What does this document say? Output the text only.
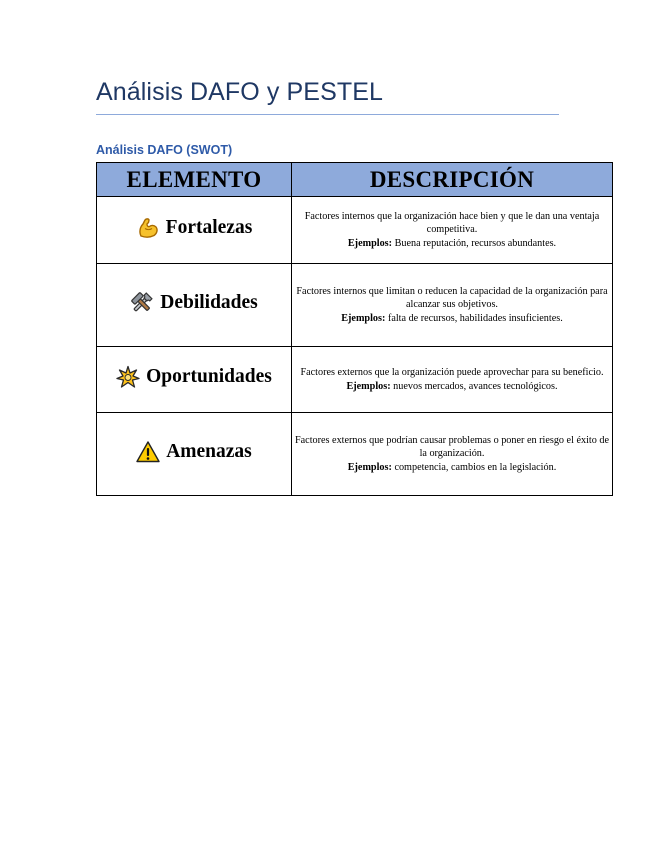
Análisis DAFO y PESTEL
Análisis DAFO (SWOT)
ELEMENTO	DESCRIPCIÓN

Fortalezas	Factores internos que la organización hace bien y que le dan una ventaja competitiva.
Ejemplos: Buena reputación, recursos abundantes.

Debilidades	Factores internos que limitan o reducen la capacidad de la organización para alcanzar sus objetivos.
Ejemplos: falta de recursos, habilidades insuficientes.

Oportunidades	Factores externos que la organización puede aprovechar para su beneficio.
Ejemplos: nuevos mercados, avances tecnológicos.

Amenazas	Factores externos que podrían causar problemas o poner en riesgo el éxito de la organización.
Ejemplos: competencia, cambios en la legislación.
